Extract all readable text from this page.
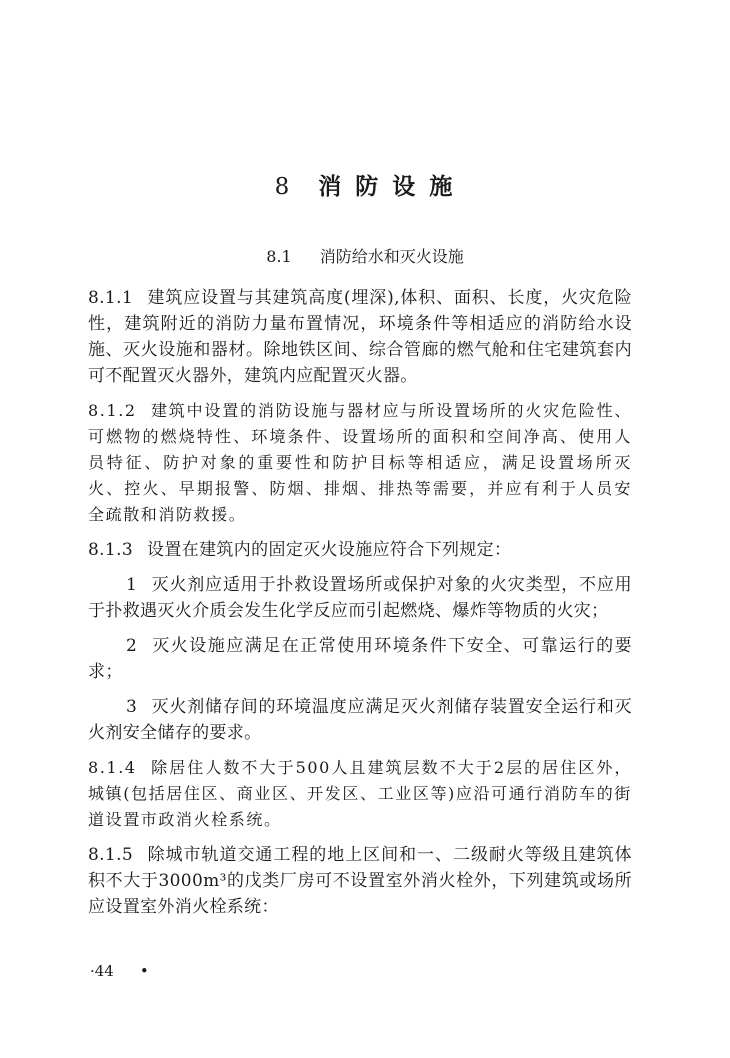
8 消 防 设 施
8.1 消防给水和灭火设施

8.1.1 建筑应设置与其建筑高度(埋深),体积、面积、长度，火灾危险性，建筑附近的消防力量布置情况，环境条件等相适应的消防给水设施、灭火设施和器材。除地铁区间、综合管廊的燃气舱和住宅建筑套内可不配置灭火器外，建筑内应配置灭火器。

8.1.2 建筑中设置的消防设施与器材应与所设置场所的火灾危险性、可燃物的燃烧特性、环境条件、设置场所的面积和空间净高、使用人员特征、防护对象的重要性和防护目标等相适应，满足设置场所灭火、控火、早期报警、防烟、排烟、排热等需要，并应有利于人员安全疏散和消防救援。

8.1.3 设置在建筑内的固定灭火设施应符合下列规定：

1 灭火剂应适用于扑救设置场所或保护对象的火灾类型，不应用于扑救遇灭火介质会发生化学反应而引起燃烧、爆炸等物质的火灾；

2 灭火设施应满足在正常使用环境条件下安全、可靠运行的要求；

3 灭火剂储存间的环境温度应满足灭火剂储存装置安全运行和灭火剂安全储存的要求。

8.1.4 除居住人数不大于500人且建筑层数不大于2层的居住区外，城镇(包括居住区、商业区、开发区、工业区等)应沿可通行消防车的街道设置市政消火栓系统。

8.1.5 除城市轨道交通工程的地上区间和一、二级耐火等级且建筑体积不大于3000m³的戊类厂房可不设置室外消火栓外，下列建筑或场所应设置室外消火栓系统：

·44 •
